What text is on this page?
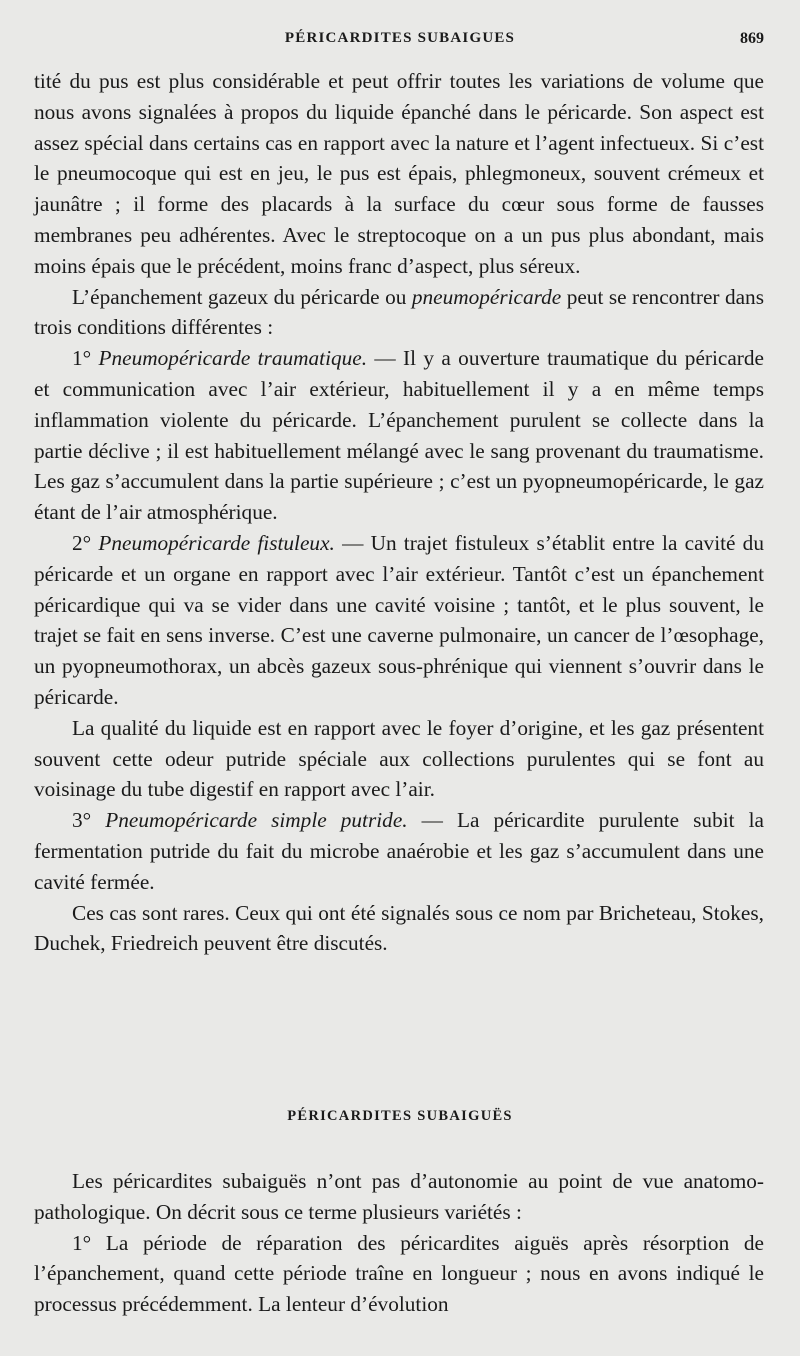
PÉRICARDITES SUBAIGUES	869

tité du pus est plus considérable et peut offrir toutes les variations de volume que nous avons signalées à propos du liquide épanché dans le péricarde. Son aspect est assez spécial dans certains cas en rapport avec la nature et l’agent infectueux. Si c’est le pneumocoque qui est en jeu, le pus est épais, phlegmoneux, souvent crémeux et jaunâtre ; il forme des placards à la surface du cœur sous forme de fausses membranes peu adhérentes. Avec le streptocoque on a un pus plus abondant, mais moins épais que le précédent, moins franc d’aspect, plus séreux.

L’épanchement gazeux du péricarde ou pneumopéricarde peut se rencontrer dans trois conditions différentes :

1° Pneumopéricarde traumatique. — Il y a ouverture traumatique du péricarde et communication avec l’air extérieur, habituellement il y a en même temps inflammation violente du péricarde. L’épanchement purulent se collecte dans la partie déclive ; il est habituellement mélangé avec le sang provenant du traumatisme. Les gaz s’accumulent dans la partie supérieure ; c’est un pyopneumopéricarde, le gaz étant de l’air atmosphérique.

2° Pneumopéricarde fistuleux. — Un trajet fistuleux s’établit entre la cavité du péricarde et un organe en rapport avec l’air extérieur. Tantôt c’est un épanchement péricardique qui va se vider dans une cavité voisine ; tantôt, et le plus souvent, le trajet se fait en sens inverse. C’est une caverne pulmonaire, un cancer de l’œsophage, un pyopneumothorax, un abcès gazeux sous-phrénique qui viennent s’ouvrir dans le péricarde.

La qualité du liquide est en rapport avec le foyer d’origine, et les gaz présentent souvent cette odeur putride spéciale aux collections purulentes qui se font au voisinage du tube digestif en rapport avec l’air.

3° Pneumopéricarde simple putride. — La péricardite purulente subit la fermentation putride du fait du microbe anaérobie et les gaz s’accumulent dans une cavité fermée.

Ces cas sont rares. Ceux qui ont été signalés sous ce nom par Bricheteau, Stokes, Duchek, Friedreich peuvent être discutés.

PÉRICARDITES SUBAIGUËS

Les péricardites subaiguës n’ont pas d’autonomie au point de vue anatomo-pathologique. On décrit sous ce terme plusieurs variétés :

1° La période de réparation des péricardites aiguës après résorption de l’épanchement, quand cette période traîne en longueur ; nous en avons indiqué le processus précédemment. La lenteur d’évolution
